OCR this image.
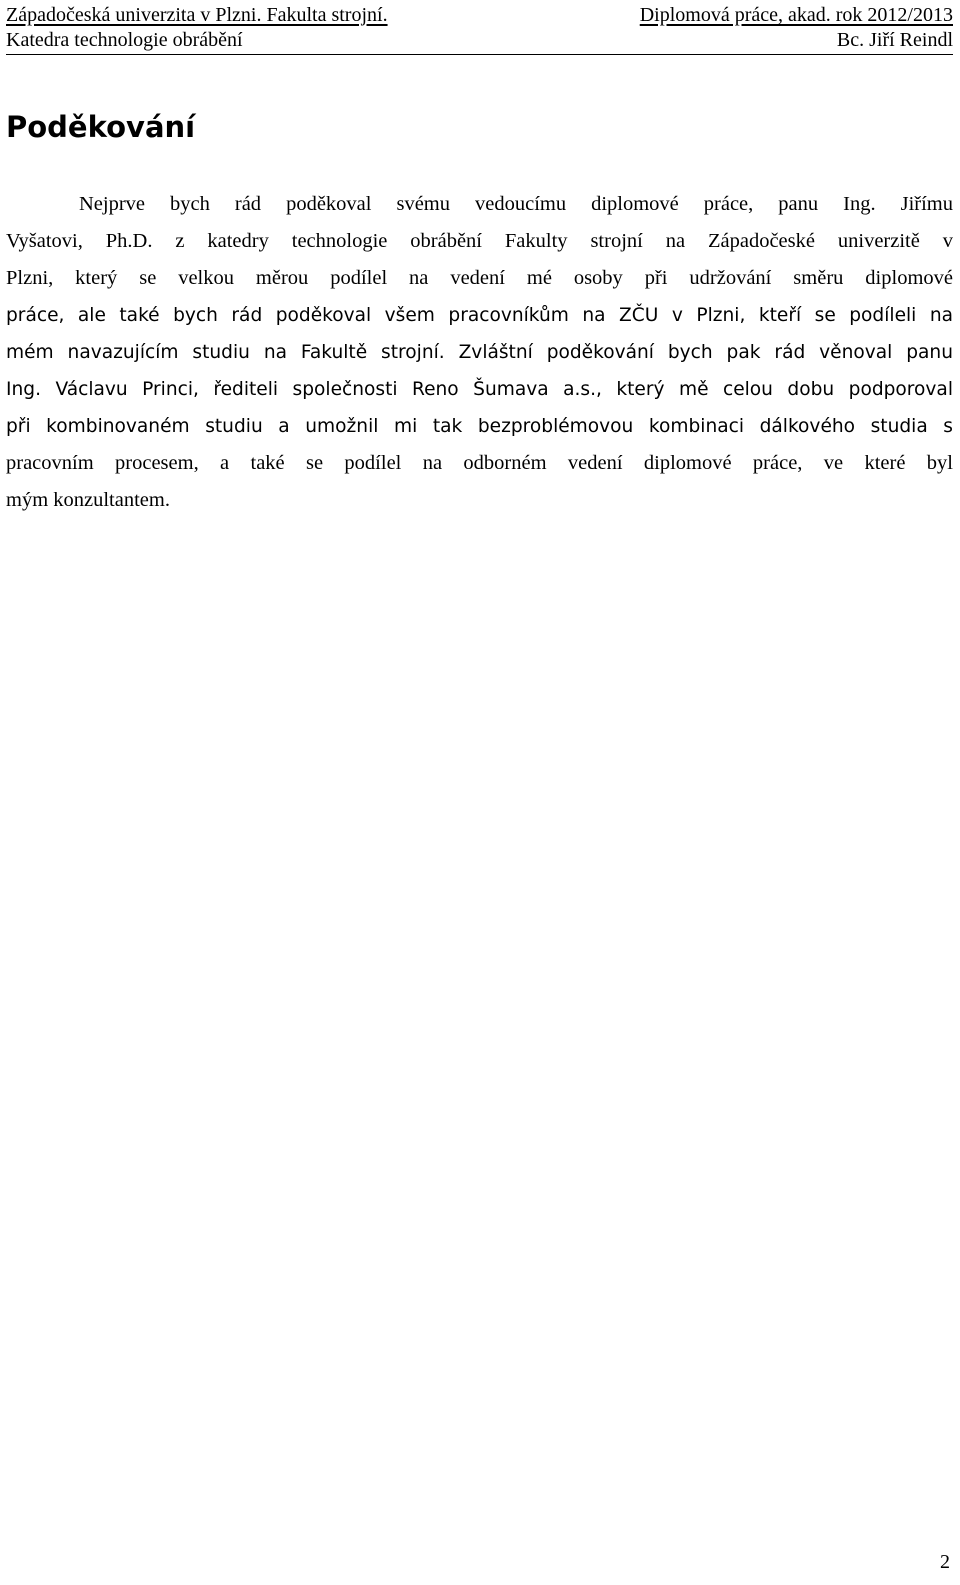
Západočeská univerzita v Plzni. Fakulta strojní.	Diplomová práce, akad. rok 2012/2013
Katedra technologie obrábění	Bc. Jiří Reindl
Poděkování
Nejprve bych rád poděkoval svému vedoucímu diplomové práce, panu Ing. Jiřímu
Vyšatovi, Ph.D. z katedry technologie obrábění Fakulty strojní na Západočeské univerzitě v
Plzni, který se velkou měrou podílel na vedení mé osoby při udržování směru diplomové
práce, ale také bych rád poděkoval všem pracovníkům na ZČU v Plzni, kteří se podíleli na
mém navazujícím studiu na Fakultě strojní. Zvláštní poděkování bych pak rád věnoval panu
Ing. Václavu Princi, řediteli společnosti Reno Šumava a.s., který mě celou dobu podporoval
při kombinovaném studiu a umožnil mi tak bezproblémovou kombinaci dálkového studia s
pracovním procesem, a také se podílel na odborném vedení diplomové práce, ve které byl
mým konzultantem.
2
